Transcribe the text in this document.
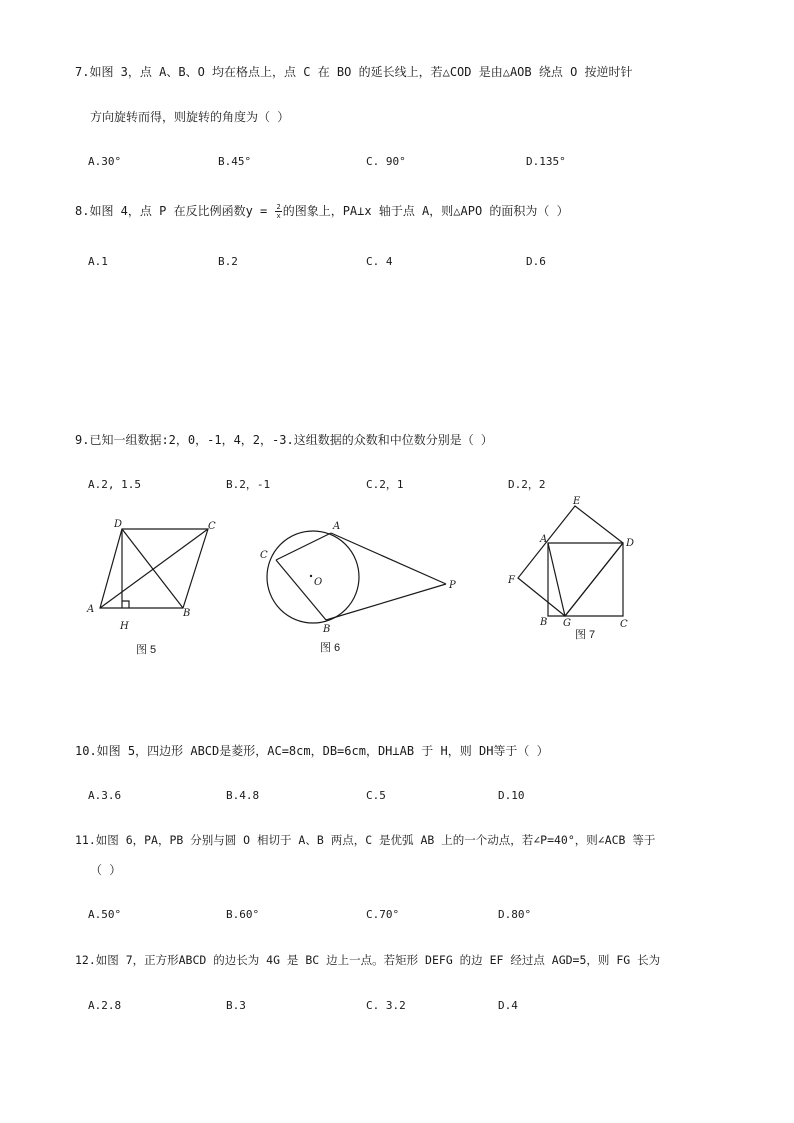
7.如图 3，点 A、B、O 均在格点上，点 C 在 BO 的延长线上，若△COD 是由△AOB 绕点 O 按逆时针
方向旋转而得，则旋转的角度为（ ）
A.30°	B.45°	C. 90°	D.135°
8.如图 4，点 P 在反比例函数$y = \frac{2}{x}$ 的图象上，PA⊥x 轴于点 A，则△APO 的面积为（ ）
A.1	B.2	C. 4	D.6
9.已知一组数据:2，0，-1，4，2，-3.这组数据的众数和中位数分别是（ ）
A.2, 1.5	B.2，-1	C.2，1	D.2，2
D	C
A	B
H
图 5
A
C
O	P
B
图 6
E
A	D
F
B G	C
图 7
10.如图 5，四边形 ABCD是菱形，AC=8cm，DB=6cm，DH⊥AB 于 H，则 DH等于（ ）
A.3.6	B.4.8	C.5	D.10
11.如图 6，PA，PB 分别与圆 O 相切于 A、B 两点，C 是优弧 AB 上的一个动点，若∠P=40°，则∠ACB 等于
（ ）
A.50°	B.60°	C.70°	D.80°
12.如图 7，正方形ABCD 的边长为 4G 是 BC 边上一点。若矩形 DEFG 的边 EF 经过点 AGD=5，则 FG 长为
A.2.8	B.3	C. 3.2	D.4
